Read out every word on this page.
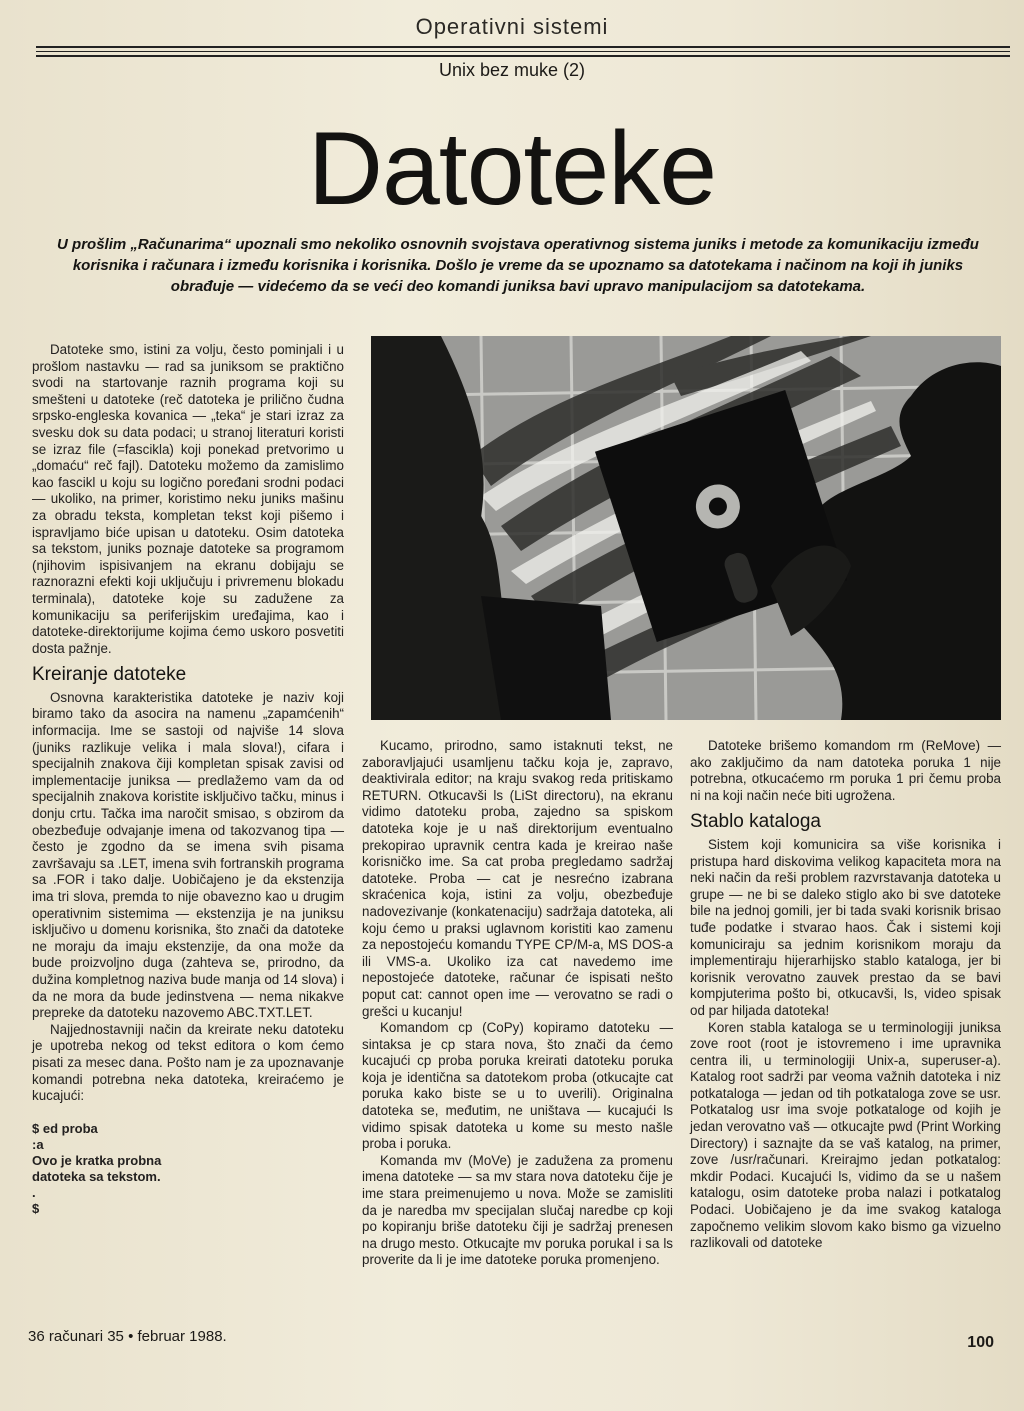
Operativni sistemi
Unix bez muke (2)
Datoteke
U prošlim „Računarima“ upoznali smo nekoliko osnovnih svojstava operativnog sistema juniks i metode za komunikaciju između korisnika i računara i između korisnika i korisnika. Došlo je vreme da se upoznamo sa datotekama i načinom na koji ih juniks obrađuje — videćemo da se veći deo komandi juniksa bavi upravo manipulacijom sa datotekama.

Datoteke smo, istini za volju, često pominjali i u prošlom nastavku — rad sa juniksom se praktično svodi na startovanje raznih programa koji su smešteni u datoteke (reč datoteka je prilično čudna srpsko-engleska kovanica — „teka“ je stari izraz za svesku dok su data podaci; u stranoj literaturi koristi se izraz file (=fascikla) koji ponekad pretvorimo u „domaću“ reč fajl). Datoteku možemo da zamislimo kao fascikl u koju su logično poređani srodni podaci — ukoliko, na primer, koristimo neku juniks mašinu za obradu teksta, kompletan tekst koji pišemo i ispravljamo biće upisan u datoteku. Osim datoteka sa tekstom, juniks poznaje datoteke sa programom (njihovim ispisivanjem na ekranu dobijaju se raznorazni efekti koji uključuju i privremenu blokadu terminala), datoteke koje su zadužene za komunikaciju sa periferijskim uređajima, kao i datoteke-direktorijume kojima ćemo uskoro posvetiti dosta pažnje.

Kreiranje datoteke

Osnovna karakteristika datoteke je naziv koji biramo tako da asocira na namenu „zapamćenih“ informacija. Ime se sastoji od najviše 14 slova (juniks razlikuje velika i mala slova!), cifara i specijalnih znakova čiji kompletan spisak zavisi od implementacije juniksa — predlažemo vam da od specijalnih znakova koristite isključivo tačku, minus i donju crtu. Tačka ima naročit smisao, s obzirom da obezbeđuje odvajanje imena od takozvanog tipa — često je zgodno da se imena svih pisama završavaju sa .LET, imena svih fortranskih programa sa .FOR i tako dalje. Uobičajeno je da ekstenzija ima tri slova, premda to nije obavezno kao u drugim operativnim sistemima — ekstenzija je na juniksu isključivo u domenu korisnika, što znači da datoteke ne moraju da imaju ekstenzije, da ona može da bude proizvoljno duga (zahteva se, prirodno, da dužina kompletnog naziva bude manja od 14 slova) i da ne mora da bude jedinstvena — nema nikakve prepreke da datoteku nazovemo ABC.TXT.LET.

Najjednostavniji način da kreirate neku datoteku je upotreba nekog od tekst editora o kom ćemo pisati za mesec dana. Pošto nam je za upoznavanje komandi potrebna neka datoteka, kreiraćemo je kucajući:

$ ed proba
:a
Ovo je kratka probna
datoteka sa tekstom.
.
$

Kucamo, prirodno, samo istaknuti tekst, ne zaboravljajući usamljenu tačku koja je, zapravo, deaktivirala editor; na kraju svakog reda pritiskamo RETURN. Otkucavši ls (LiSt directoru), na ekranu vidimo datoteku proba, zajedno sa spiskom datoteka koje je u naš direktorijum eventualno prekopirao upravnik centra kada je kreirao naše korisničko ime. Sa cat proba pregledamo sadržaj datoteke. Proba — cat je nesrećno izabrana skraćenica koja, istini za volju, obezbeđuje nadovezivanje (konkatenaciju) sadržaja datoteka, ali koju ćemo u praksi uglavnom koristiti kao zamenu za nepostojeću komandu TYPE CP/M-a, MS DOS-a ili VMS-a. Ukoliko iza cat navedemo ime nepostojeće datoteke, računar će ispisati nešto poput cat: cannot open ime — verovatno se radi o grešci u kucanju!

Komandom cp (CoPy) kopiramo datoteku — sintaksa je cp stara nova, što znači da ćemo kucajući cp proba poruka kreirati datoteku poruka koja je identična sa datotekom proba (otkucajte cat poruka kako biste se u to uverili). Originalna datoteka se, međutim, ne uništava — kucajući ls vidimo spisak datoteka u kome su mesto našle proba i poruka.

Komanda mv (MoVe) je zadužena za promenu imena datoteke — sa mv stara nova datoteku čije je ime stara preimenujemo u nova. Može se zamisliti da je naredba mv specijalan slučaj naredbe cp koji po kopiranju briše datoteku čiji je sadržaj prenesen na drugo mesto. Otkucajte mv poruka porukaI i sa ls proverite da li je ime datoteke poruka promenjeno.

Datoteke brišemo komandom rm (ReMove) — ako zaključimo da nam datoteka poruka 1 nije potrebna, otkucaćemo rm poruka 1 pri čemu proba ni na koji način neće biti ugrožena.

Stablo kataloga

Sistem koji komunicira sa više korisnika i pristupa hard diskovima velikog kapaciteta mora na neki način da reši problem razvrstavanja datoteka u grupe — ne bi se daleko stiglo ako bi sve datoteke bile na jednoj gomili, jer bi tada svaki korisnik brisao tuđe podatke i stvarao haos. Čak i sistemi koji komuniciraju sa jednim korisnikom moraju da implementiraju hijerarhijsko stablo kataloga, jer bi korisnik verovatno zauvek prestao da se bavi kompjuterima pošto bi, otkucavši, ls, video spisak od par hiljada datoteka!

Koren stabla kataloga se u terminologiji juniksa zove root (root je istovremeno i ime upravnika centra ili, u terminologiji Unix-a, superuser-a). Katalog root sadrži par veoma važnih datoteka i niz potkataloga — jedan od tih potkataloga zove se usr. Potkatalog usr ima svoje potkataloge od kojih je jedan verovatno vaš — otkucajte pwd (Print Working Directory) i saznajte da se vaš katalog, na primer, zove /usr/računari. Kreirajmo jedan potkatalog: mkdir Podaci. Kucajući ls, vidimo da se u našem katalogu, osim datoteke proba nalazi i potkatalog Podaci. Uobičajeno je da ime svakog kataloga započnemo velikim slovom kako bismo ga vizuelno razlikovali od datoteke

36 računari 35 • februar 1988.	100
